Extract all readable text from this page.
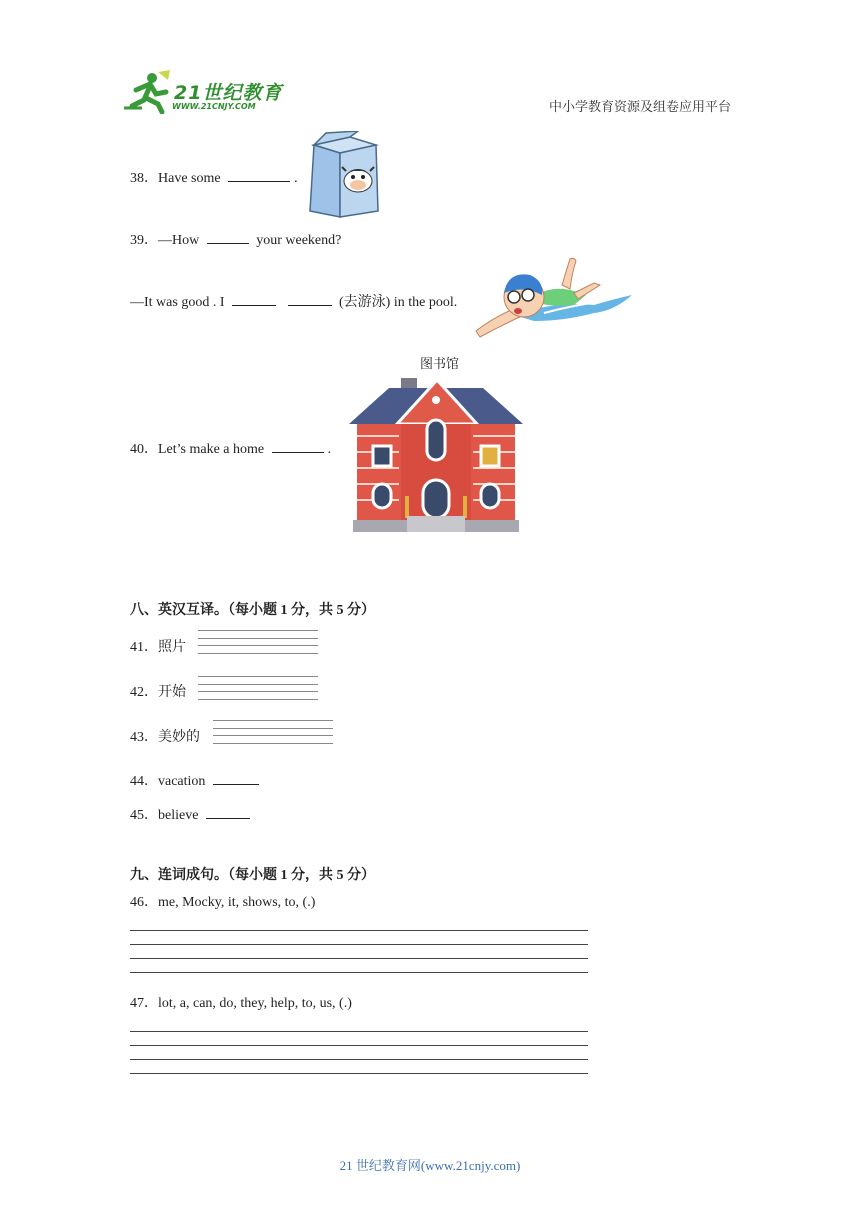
21世纪教育
WWW.21CNJY.COM	中小学教育资源及组卷应用平台
38．Have some	.
39．—How	your weekend?
—It was good . I	(去游泳) in the pool.
图书馆
40．Let’s make a home	.
八、英汉互译。（每小题 1 分，共 5 分）
41．照片
42．开始
43．美妙的
44．vacation
45．believe
九、连词成句。（每小题 1 分，共 5 分）
46．me, Mocky, it, shows, to, (.)
47．lot, a, can, do, they, help, to, us, (.)
21 世纪教育网(www.21cnjy.com)
